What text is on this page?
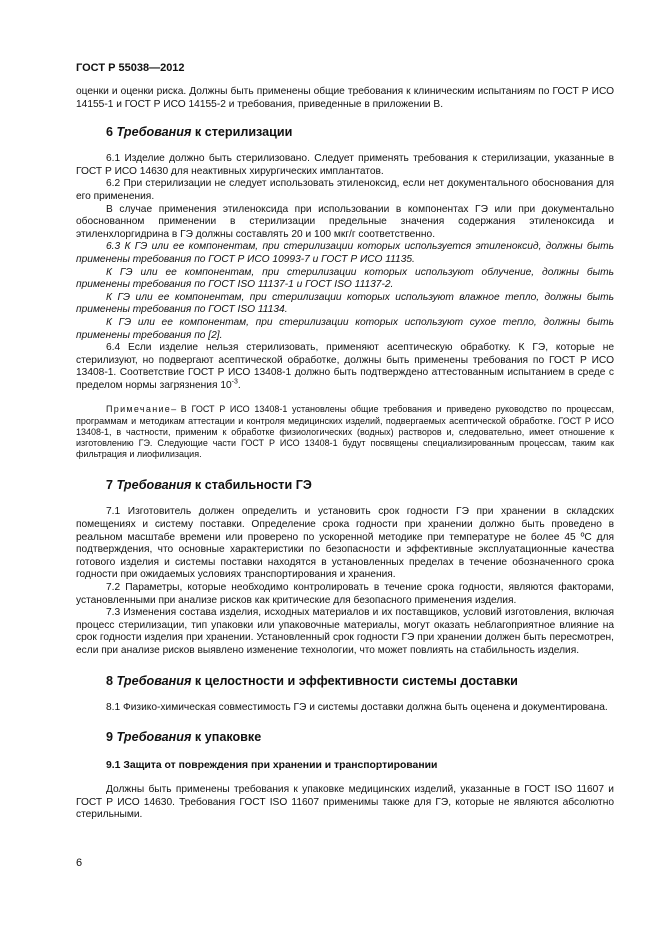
ГОСТ Р 55038—2012

оценки и оценки риска. Должны быть применены общие требования к клиническим испытаниям по ГОСТ Р ИСО 14155-1 и ГОСТ Р ИСО 14155-2 и требования, приведенные в приложении В.

6 Требования к стерилизации

6.1 Изделие должно быть стерилизовано. Следует применять требования к стерилизации, указанные в ГОСТ Р ИСО 14630 для неактивных хирургических имплантатов.

6.2 При стерилизации не следует использовать этиленоксид, если нет документального обоснования для его применения.

В случае применения этиленоксида при использовании в компонентах ГЭ или при документально обоснованном применении в стерилизации предельные значения содержания этиленоксида и этиленхлоргидрина в ГЭ должны составлять 20 и 100 мкг/г соответственно.

6.3 К ГЭ или ее компонентам, при стерилизации которых используется этиленоксид, должны быть применены требования по ГОСТ Р ИСО 10993-7 и ГОСТ Р ИСО 11135.

К ГЭ или ее компонентам, при стерилизации которых используют облучение, должны быть применены требования по ГОСТ ISO 11137-1 и ГОСТ ISO 11137-2.

К ГЭ или ее компонентам, при стерилизации которых используют влажное тепло, должны быть применены требования по ГОСТ ISO 11134.

К ГЭ или ее компонентам, при стерилизации которых используют сухое тепло, должны быть применены требования по [2].

6.4 Если изделие нельзя стерилизовать, применяют асептическую обработку. К ГЭ, которые не стерилизуют, но подвергают асептической обработке, должны быть применены требования по ГОСТ Р ИСО 13408-1. Соответствие ГОСТ Р ИСО 13408-1 должно быть подтверждено аттестованным испытанием в среде с пределом нормы загрязнения $10^{-3}$.

Примечание– В ГОСТ Р ИСО 13408-1 установлены общие требования и приведено руководство по процессам, программам и методикам аттестации и контроля медицинских изделий, подвергаемых асептической обработке. ГОСТ Р ИСО 13408-1, в частности, применим к обработке физиологических (водных) растворов и, следовательно, имеет отношение к изготовлению ГЭ. Следующие части ГОСТ Р ИСО 13408-1 будут посвящены специализированным процессам, таким как фильтрация и лиофилизация.

7 Требования к стабильности ГЭ

7.1 Изготовитель должен определить и установить срок годности ГЭ при хранении в складских помещениях и систему поставки. Определение срока годности при хранении должно быть проведено в реальном масштабе времени или проверено по ускоренной методике при температуре не более 45 ºС для подтверждения, что основные характеристики по безопасности и эффективные эксплуатационные качества готового изделия и системы поставки находятся в установленных пределах в течение обозначенного срока годности при ожидаемых условиях транспортирования и хранения.

7.2 Параметры, которые необходимо контролировать в течение срока годности, являются факторами, установленными при анализе рисков как критические для безопасного применения изделия.

7.3 Изменения состава изделия, исходных материалов и их поставщиков, условий изготовления, включая процесс стерилизации, тип упаковки или упаковочные материалы, могут оказать неблагоприятное влияние на срок годности изделия при хранении. Установленный срок годности ГЭ при хранении должен быть пересмотрен, если при анализе рисков выявлено изменение технологии, что может повлиять на стабильность изделия.

8 Требования к целостности и эффективности системы доставки

8.1 Физико-химическая совместимость ГЭ и системы доставки должна быть оценена и документирована.

9 Требования к упаковке
9.1 Защита от повреждения при хранении и транспортировании

Должны быть применены требования к упаковке медицинских изделий, указанные в ГОСТ ISO 11607 и ГОСТ Р ИСО 14630. Требования ГОСТ ISO 11607 применимы также для ГЭ, которые не являются абсолютно стерильными.

6
